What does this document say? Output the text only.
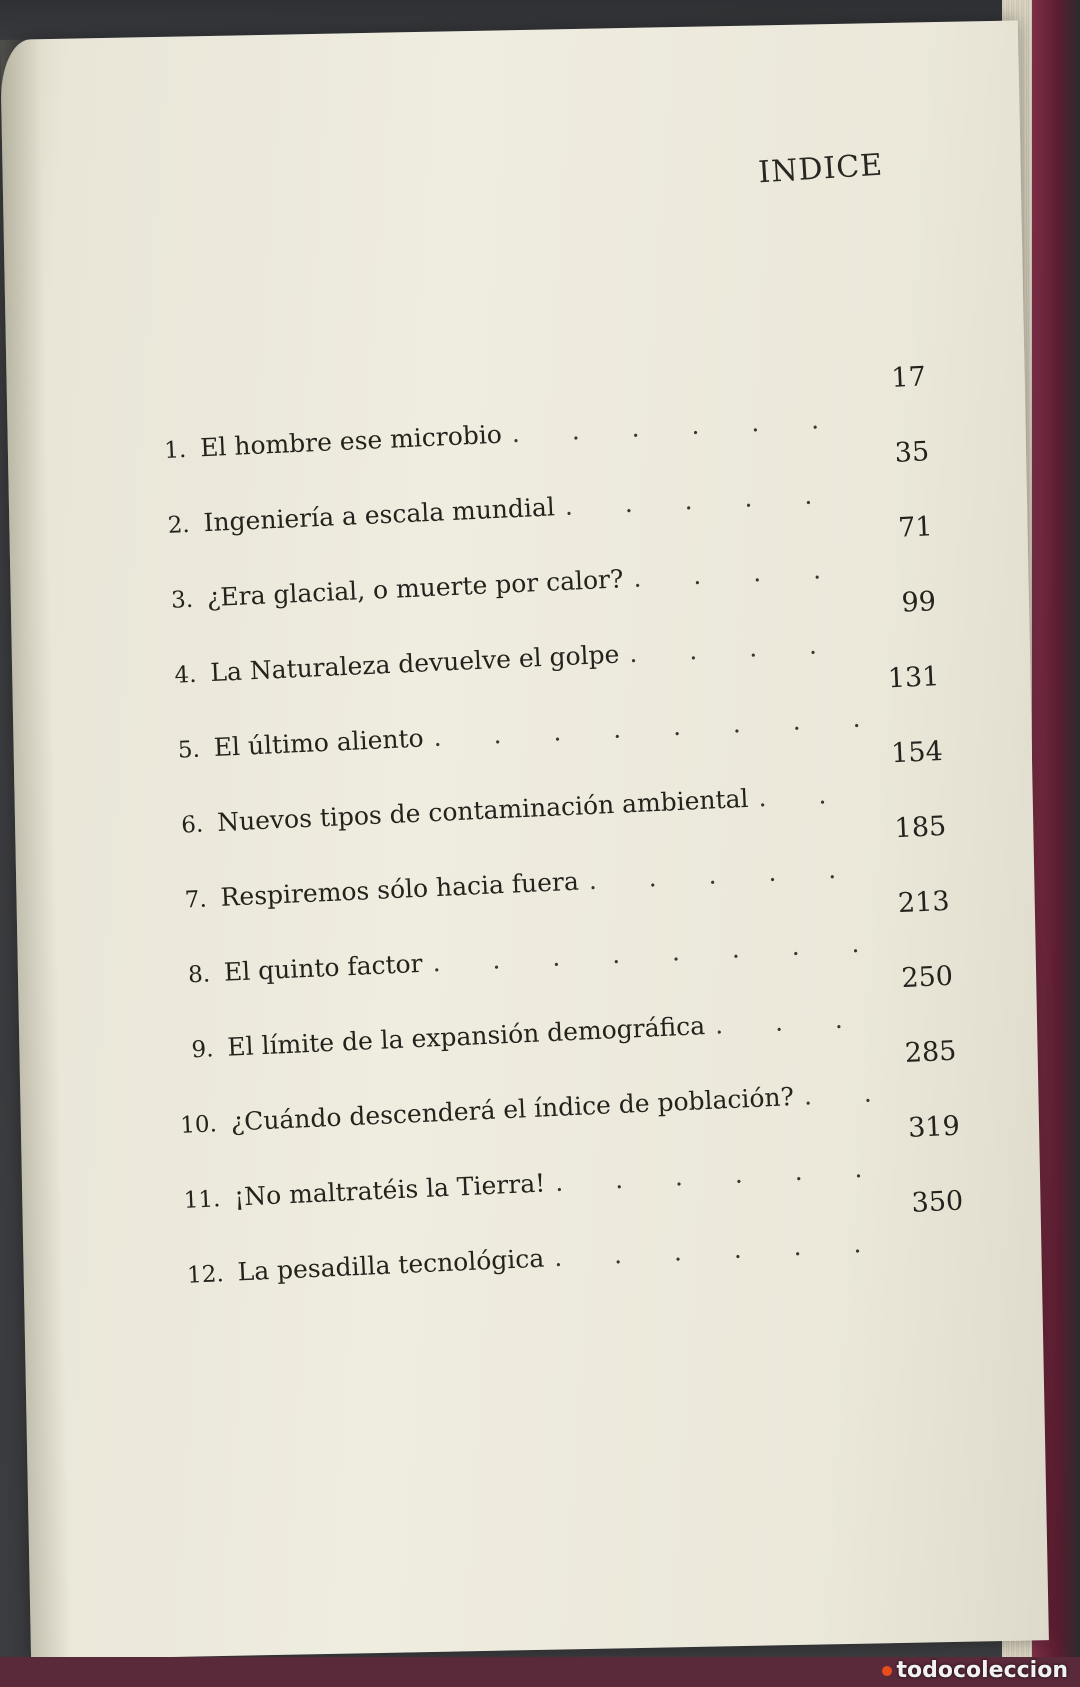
INDICE
1. El hombre ese microbio
. . .
17
2. Ingeniería a escala mundial
. . .
35
3. ¿Era glacial, o muerte por calor?
. . .
71
4. La Naturaleza devuelve el golpe
. . .
99
5. El último aliento
. . .
131
6. Nuevos tipos de contaminación ambiental
. . .
154
7. Respiremos sólo hacia fuera
. . .
185
8. El quinto factor
. . .
213
9. El límite de la expansión demográfica
. . .
250
10. ¿Cuándo descenderá el índice de población?
. . .
285
11. ¡No maltratéis la Tierra!
. . .
319
12. La pesadilla tecnológica
. . .
350
todocoleccion
